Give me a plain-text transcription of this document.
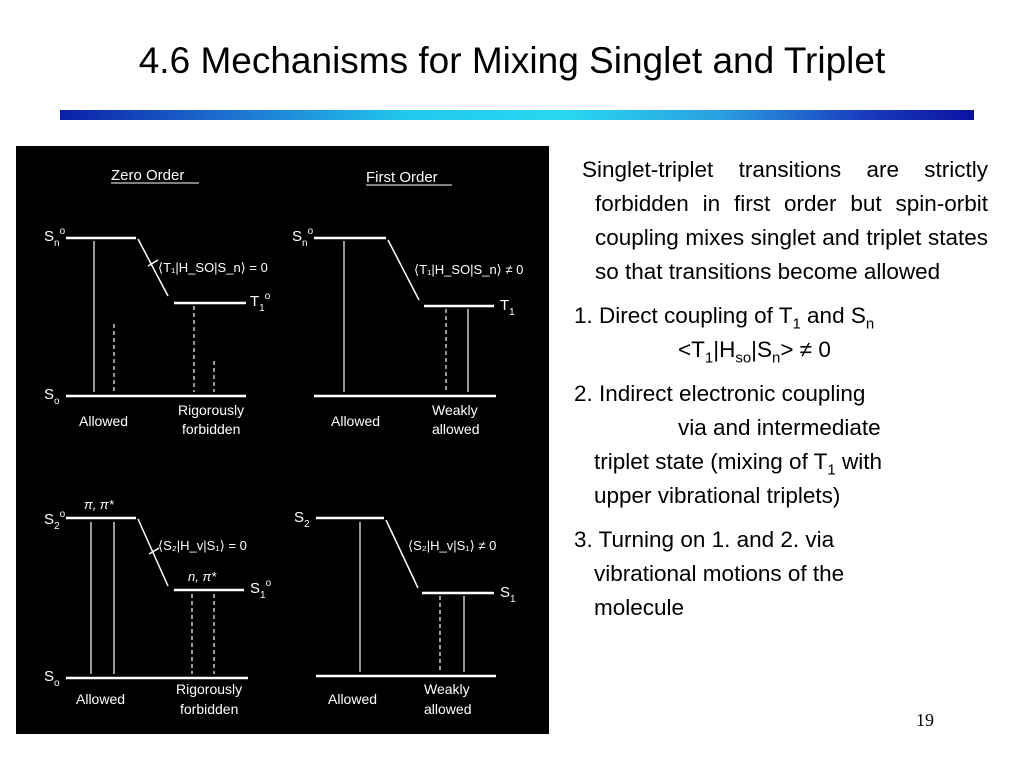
4.6 Mechanisms for Mixing Singlet and Triplet
Zero Order
$S_n^o$
⟨T₁|H_SO|S_n⟩ = 0
$T_1^o$
$S_o$
Allowed
Rigorously
forbidden
First Order
$S_n^o$
⟨T₁|H_SO|S_n⟩ ≠ 0
$T_1$
Allowed
Weakly
allowed
$S_2^o$
π, π*
⟨S₂|H_v|S₁⟩ = 0
n, π*
$S_1^o$
$S_o$
Allowed
Rigorously
forbidden
$S_2$
⟨S₂|H_v|S₁⟩ ≠ 0
$S_1$
Allowed
Weakly
allowed
Singlet-triplet transitions are strictly forbidden in first order but spin-orbit coupling mixes singlet and triplet states so that transitions become allowed
1. Direct coupling of $T_1$ and $S_n$
$<T_1|H_{so}|S_n> \ne 0$
2. Indirect electronic coupling
via and intermediate
triplet state (mixing of $T_1$ with
upper vibrational triplets)
3. Turning on 1. and 2. via
vibrational motions of the
molecule
19
